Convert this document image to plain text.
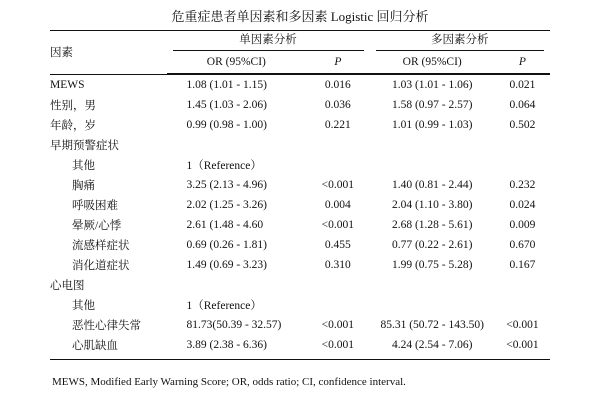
危重症患者单因素和多因素 Logistic 回归分析
因素	单因素分析		多因素分析	

	OR (95%CI)	P	OR (95%CI)	P

MEWS	1.08 (1.01 - 1.15)	0.016	1.03 (1.01 - 1.06)	0.021
性别，男	1.45 (1.03 - 2.06)	0.036	1.58 (0.97 - 2.57)	0.064
年龄，岁	0.99 (0.98 - 1.00)	0.221	1.01 (0.99 - 1.03)	0.502
早期预警症状				
其他	1（Reference）			
胸痛	3.25 (2.13 - 4.96)	<0.001	1.40 (0.81 - 2.44)	0.232
呼吸困难	2.02 (1.25 - 3.26)	0.004	2.04 (1.10 - 3.80)	0.024
晕厥/心悸	2.61 (1.48 - 4.60	<0.001	2.68 (1.28 - 5.61)	0.009
流感样症状	0.69 (0.26 - 1.81)	0.455	0.77 (0.22 - 2.61)	0.670
消化道症状	1.49 (0.69 - 3.23)	0.310	1.99 (0.75 - 5.28)	0.167
心电图				
其他	1（Reference）			
恶性心律失常	81.73(50.39 - 32.57)	<0.001	85.31 (50.72 - 143.50)	<0.001
心肌缺血	3.89 (2.38 - 6.36)	<0.001	4.24 (2.54 - 7.06)	<0.001

MEWS, Modified Early Warning Score; OR, odds ratio; CI, confidence interval.
